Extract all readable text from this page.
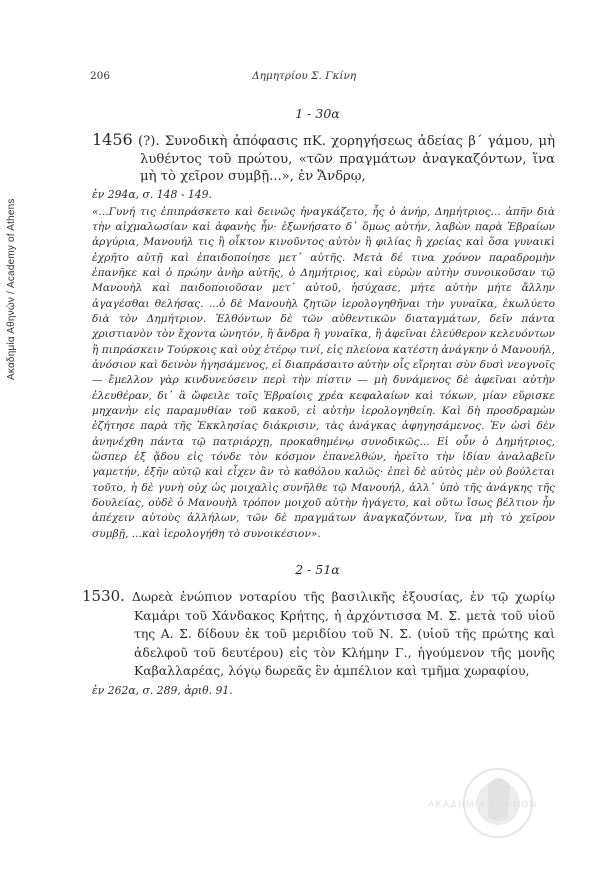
Ακαδημία Αθηνών / Academy of Athens
206	Δημητρίου Σ. Γκίνη
1 - 30α
1456 (?). Συνοδικὴ ἀπόφασις πΚ. χορηγήσεως ἀδείας β´ γάμου, μὴ λυθέντος τοῦ πρώτου, «τῶν πραγμάτων ἀναγκαζόντων, ἵνα μὴ τὸ χεῖρον συμβῇ...», ἐν Ἄνδρῳ,
ἐν 294α, σ. 148 - 149.
«...Γυνή τις ἐπιπράσκετο καὶ δεινῶς ἠναγκάζετο, ἧς ὁ ἀνήρ, Δημήτριος... ἀπῆν διὰ τὴν αἰχμαλωσίαν καὶ ἀφανὴς ἦν· ἐξωνήσατο δ᾽ ὅμως αὐτήν, λαβὼν παρὰ Ἑβραίων ἀργύρια, Μανουήλ τις ἢ οἶκτον κινοῦντος αὐτὸν ἢ φιλίας ἢ χρείας καὶ ὅσα γυναικὶ ἐχρῆτο αὐτῇ καὶ ἐπαιδοποίησε μετ᾽ αὐτῆς. Μετὰ δέ τινα χρόνον παραδρομὴν ἐπανῆκε καὶ ὁ πρώην ἀνὴρ αὐτῆς, ὁ Δημήτριος, καὶ εὑρὼν αὐτὴν συνοικοῦσαν τῷ Μανουὴλ καὶ παιδοποιοῦσαν μετ᾽ αὐτοῦ, ἡσύχασε, μήτε αὐτὴν μήτε ἄλλην ἀγαγέσθαι θελήσας. ...ὁ δὲ Μανουὴλ ζητῶν ἱερολογηθῆναι τὴν γυναῖκα, ἐκωλύετο διὰ τὸν Δημήτριον. Ἐλθόντων δὲ τῶν αὐθεντικῶν διαταγμάτων, δεῖν πάντα χριστιανὸν τὸν ἔχοντα ὠνητόν, ἢ ἄνδρα ἢ γυναῖκα, ἢ ἀφεῖναι ἐλεύθερον κελευόντων ἢ πιπράσκειν Τούρκοις καὶ οὐχ ἑτέρῳ τινί, εἰς πλείονα κατέστη ἀνάγκην ὁ Μανουήλ, ἀνόσιον καὶ δεινὸν ἡγησάμενος, εἰ διαπράσαιτο αὐτὴν οἷς εἴρηται σὺν δυσὶ νεογνοῖς — ἔμελλον γὰρ κινδυνεύσειν περὶ τὴν πίστιν — μὴ δυνάμενος δὲ ἀφεῖναι αὐτὴν ἐλευθέραν, δι᾽ ἃ ὤφειλε τοῖς Ἑβραίοις χρέα κεφαλαίων καὶ τόκων, μίαν εὕρισκε μηχανὴν εἰς παραμυθίαν τοῦ κακοῦ, εἰ αὐτὴν ἱερολογηθείη. Καὶ δὴ προσδραμὼν ἐζήτησε παρὰ τῆς Ἐκκλησίας διάκρισιν, τὰς ἀνάγκας ἀφηγησάμενος. Ἐν ὡσὶ δὲν ἀνηνέχθη πάντα τῷ πατριάρχῃ, προκαθημένῳ συνοδικῶς... Εἰ οὖν ὁ Δημήτριος, ὥσπερ ἐξ ᾅδου εἰς τόνδε τὸν κόσμον ἐπανελθών, ἠρεῖτο τὴν ἰδίαν ἀναλαβεῖν γαμετήν, ἐξῆν αὐτῷ καὶ εἶχεν ἂν τὸ καθόλου καλῶς· ἐπεὶ δὲ αὐτὸς μὲν οὐ βούλεται τοῦτο, ἡ δὲ γυνὴ οὐχ ὡς μοιχαλὶς συνῆλθε τῷ Μανουήλ, ἀλλ᾽ ὑπὸ τῆς ἀνάγκης τῆς δουλείας, οὐδὲ ὁ Μανουὴλ τρόπον μοιχοῦ αὐτὴν ἠγάγετο, καὶ οὕτω ἴσως βέλτιον ἦν ἀπέχειν αὐτοὺς ἀλλήλων, τῶν δὲ πραγμάτων ἀναγκαζόντων, ἵνα μὴ τὸ χεῖρον συμβῇ, ...καὶ ἱερολογήθη τὸ συνοικέσιον».
2 - 51α
1530. Δωρεὰ ἐνώπιον νοταρίου τῆς βασιλικῆς ἐξουσίας, ἐν τῷ χωρίῳ Καμάρι τοῦ Χάνδακος Κρήτης, ἡ ἀρχόντισσα Μ. Σ. μετὰ τοῦ υἱοῦ της Α. Σ. δίδουν ἐκ τοῦ μεριδίου τοῦ Ν. Σ. (υἱοῦ τῆς πρώτης καὶ ἀδελφοῦ τοῦ δευτέρου) εἰς τὸν Κλήμην Γ., ἡγούμενον τῆς μονῆς Καβαλλαρέας, λόγῳ δωρεᾶς ἓν ἀμπέλιον καὶ τμῆμα χωραφίου,
ἐν 262α, σ. 289, ἀριθ. 91.
ΑΚΑΔΗΜΙΑ ΑΘΗΝΩΝ
